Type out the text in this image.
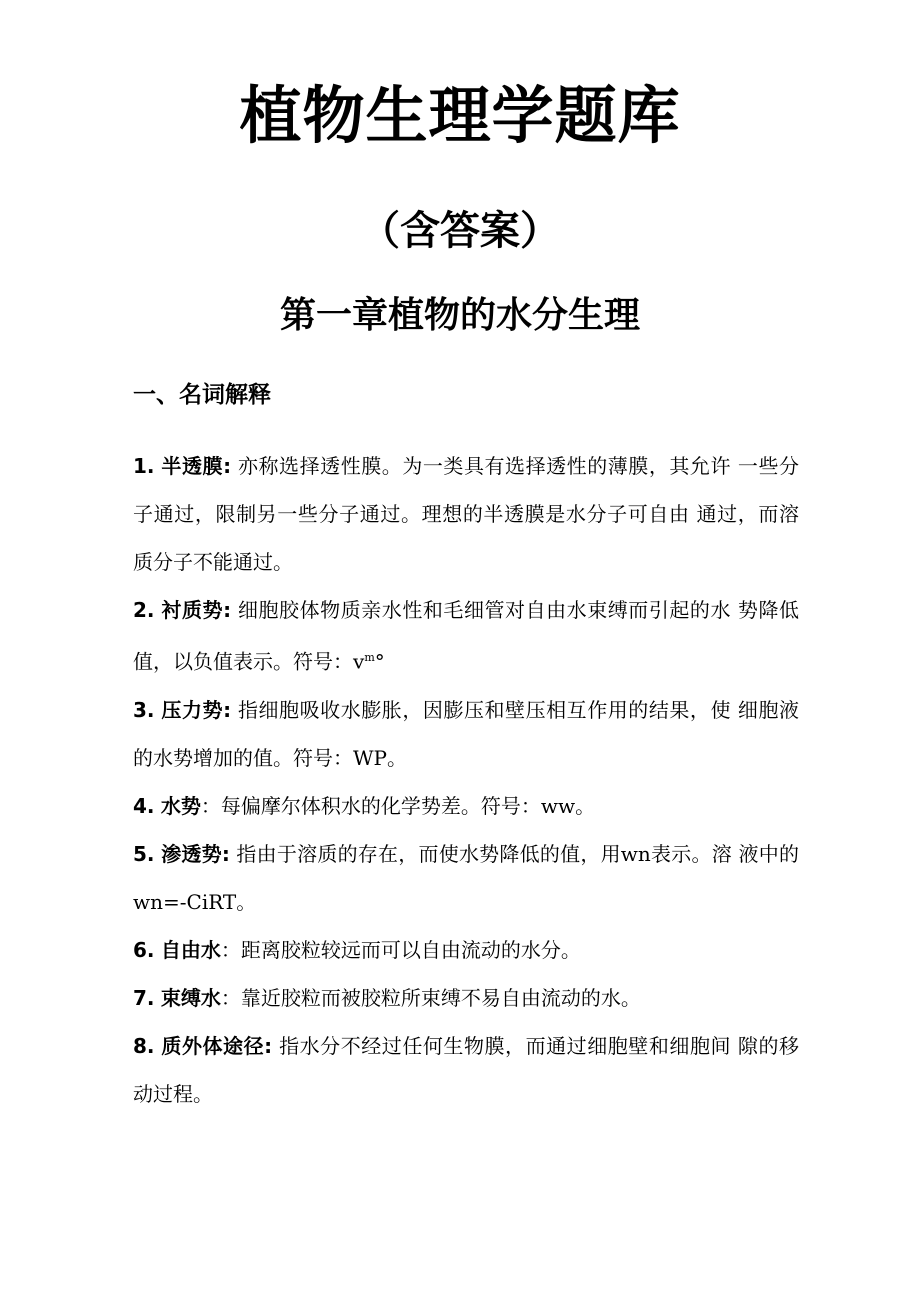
植物生理学题库
（含答案）
第一章植物的水分生理
一、名词解释

1. 半透膜: 亦称选择透性膜。为一类具有选择透性的薄膜，其允许 一些分子通过，限制另一些分子通过。理想的半透膜是水分子可自由 通过，而溶质分子不能通过。

2. 衬质势: 细胞胶体物质亲水性和毛细管对自由水束缚而引起的水 势降低值，以负值表示。符号：$v^m^\circ$

3. 压力势: 指细胞吸收水膨胀，因膨压和壁压相互作用的结果，使 细胞液的水势增加的值。符号：WP。

4. 水势：每偏摩尔体积水的化学势差。符号：ww。

5. 渗透势: 指由于溶质的存在，而使水势降低的值，用wn表示。溶 液中的wn=-CiRT。

6. 自由水：距离胶粒较远而可以自由流动的水分。

7. 束缚水：靠近胶粒而被胶粒所束缚不易自由流动的水。

8. 质外体途径: 指水分不经过任何生物膜，而通过细胞壁和细胞间 隙的移动过程。
